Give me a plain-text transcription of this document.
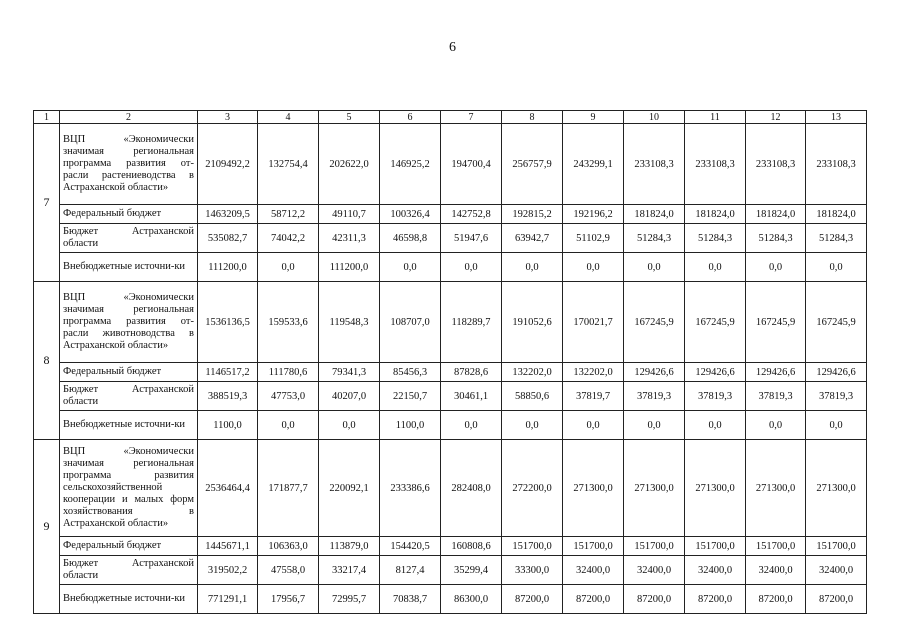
6
1	2	3	4	5	6	7	8	9	10	11	12	13
7	ВЦП «Экономически значимая региональная программа развития от-расли растениеводства в Астраханской области»	2109492,2	132754,4	202622,0	146925,2	194700,4	256757,9	243299,1	233108,3	233108,3	233108,3	233108,3
	Федеральный бюджет	1463209,5	58712,2	49110,7	100326,4	142752,8	192815,2	192196,2	181824,0	181824,0	181824,0	181824,0
	Бюджет Астраханской области	535082,7	74042,2	42311,3	46598,8	51947,6	63942,7	51102,9	51284,3	51284,3	51284,3	51284,3
	Внебюджетные источни-ки	111200,0	0,0	111200,0	0,0	0,0	0,0	0,0	0,0	0,0	0,0	0,0
8	ВЦП «Экономически значимая региональная программа развития от-расли животноводства в Астраханской области»	1536136,5	159533,6	119548,3	108707,0	118289,7	191052,6	170021,7	167245,9	167245,9	167245,9	167245,9
	Федеральный бюджет	1146517,2	111780,6	79341,3	85456,3	87828,6	132202,0	132202,0	129426,6	129426,6	129426,6	129426,6
	Бюджет Астраханской области	388519,3	47753,0	40207,0	22150,7	30461,1	58850,6	37819,7	37819,3	37819,3	37819,3	37819,3
	Внебюджетные источни-ки	1100,0	0,0	0,0	1100,0	0,0	0,0	0,0	0,0	0,0	0,0	0,0
9	ВЦП «Экономически значимая региональная программа развития сельскохозяйственной кооперации и малых форм хозяйствования в Астраханской области»	2536464,4	171877,7	220092,1	233386,6	282408,0	272200,0	271300,0	271300,0	271300,0	271300,0	271300,0
	Федеральный бюджет	1445671,1	106363,0	113879,0	154420,5	160808,6	151700,0	151700,0	151700,0	151700,0	151700,0	151700,0
	Бюджет Астраханской области	319502,2	47558,0	33217,4	8127,4	35299,4	33300,0	32400,0	32400,0	32400,0	32400,0	32400,0
	Внебюджетные источни-ки	771291,1	17956,7	72995,7	70838,7	86300,0	87200,0	87200,0	87200,0	87200,0	87200,0	87200,0
